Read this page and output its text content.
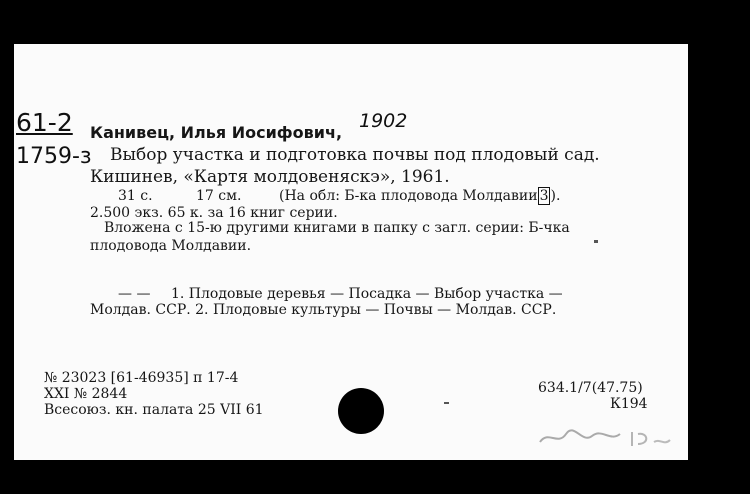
61-2
1759-з
Канивец, Илья Иосифович,
1902
Выбор участка и подготовка почвы под плодовый сад.
Кишинев, «Картя молдовеняскэ», 1961.
31 с.	17 см.	(На обл: Б-ка плодовода Молдавии 3 ).
2.500 экз. 65 к. за 16 книг серии.
Вложена с 15-ю другими книгами в папку с загл. серии: Б-чка
плодовода Молдавии.
— — 1. Плодовые деревья — Посадка — Выбор участка —
Молдав. ССР. 2. Плодовые культуры — Почвы — Молдав. ССР.
№ 23023 [61-46935] п 17-4
XXI № 2844
Всесоюз. кн. палата 25 VII 61
634.1/7(47.75)
К194
